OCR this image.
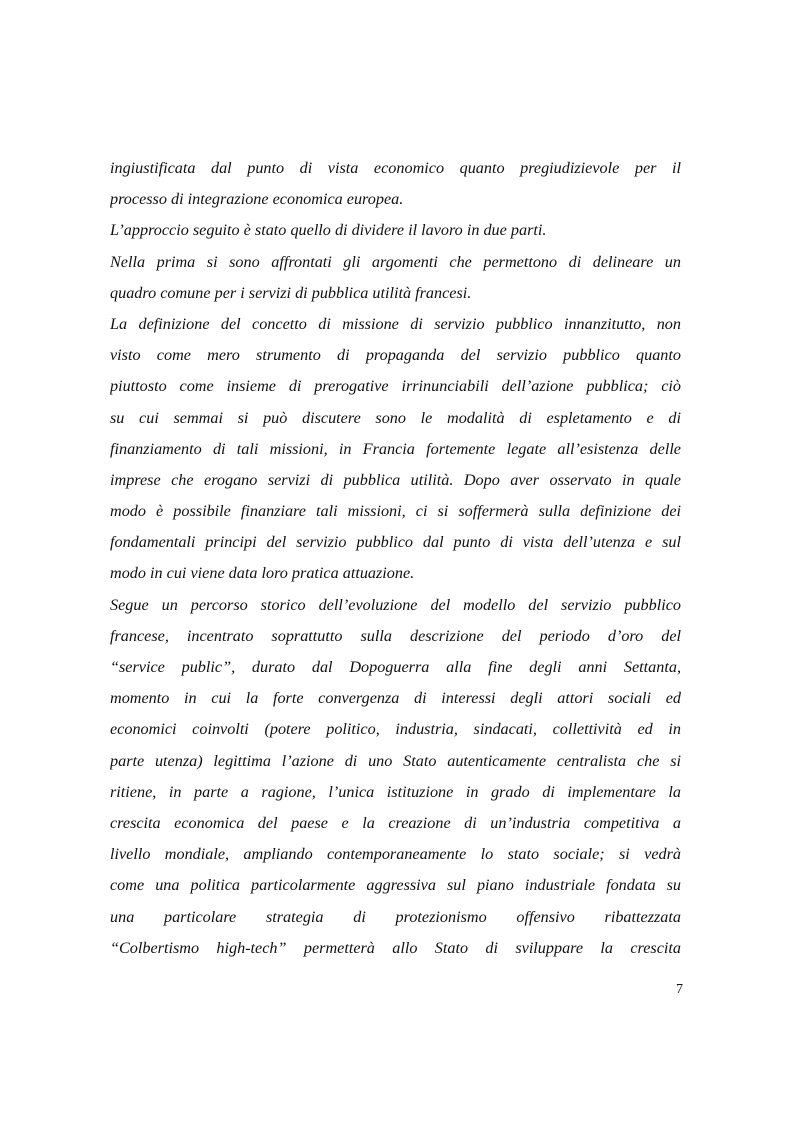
ingiustificata dal punto di vista economico quanto pregiudizievole per il
processo di integrazione economica europea.
L’approccio seguito è stato quello di dividere il lavoro in due parti.
Nella prima si sono affrontati gli argomenti che permettono di delineare un
quadro comune per i servizi di pubblica utilità francesi.
La definizione del concetto di missione di servizio pubblico innanzitutto, non
visto come mero strumento di propaganda del servizio pubblico quanto
piuttosto come insieme di prerogative irrinunciabili dell’azione pubblica; ciò
su cui semmai si può discutere sono le modalità di espletamento e di
finanziamento di tali missioni, in Francia fortemente legate all’esistenza delle
imprese che erogano servizi di pubblica utilità. Dopo aver osservato in quale
modo è possibile finanziare tali missioni, ci si soffermerà sulla definizione dei
fondamentali principi del servizio pubblico dal punto di vista dell’utenza e sul
modo in cui viene data loro pratica attuazione.
Segue un percorso storico dell’evoluzione del modello del servizio pubblico
francese, incentrato soprattutto sulla descrizione del periodo d’oro del
“service public”, durato dal Dopoguerra alla fine degli anni Settanta,
momento in cui la forte convergenza di interessi degli attori sociali ed
economici coinvolti (potere politico, industria, sindacati, collettività ed in
parte utenza) legittima l’azione di uno Stato autenticamente centralista che si
ritiene, in parte a ragione, l’unica istituzione in grado di implementare la
crescita economica del paese e la creazione di un’industria competitiva a
livello mondiale, ampliando contemporaneamente lo stato sociale; si vedrà
come una politica particolarmente aggressiva sul piano industriale fondata su
una particolare strategia di protezionismo offensivo ribattezzata
“Colbertismo high-tech” permetterà allo Stato di sviluppare la crescita
7
